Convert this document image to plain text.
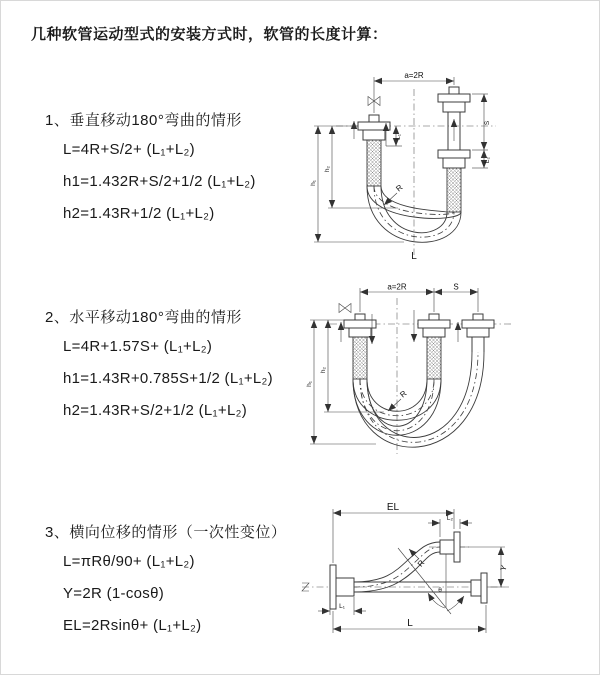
几种软管运动型式的安装方式时，软管的长度计算：
1、垂直移动180°弯曲的情形
L=4R+S/2+ (L₁+L₂)
h1=1.432R+S/2+1/2 (L₁+L₂)
h2=1.43R+1/2 (L₁+L₂)
a=2R
h₁
h₂
L₁
S
L₂
R
L
2、水平移动180°弯曲的情形
L=4R+1.57S+ (L₁+L₂)
h1=1.43R+0.785S+1/2 (L₁+L₂)
h2=1.43R+S/2+1/2 (L₁+L₂)
a=2R	S
h₁
h₂
R
3、横向位移的情形（一次性变位）
L=πRθ/90+ (L₁+L₂)
Y=2R (1-cosθ)
EL=2Rsinθ+ (L₁+L₂)
EL
L₂
Y
θ
R
L₁
L
